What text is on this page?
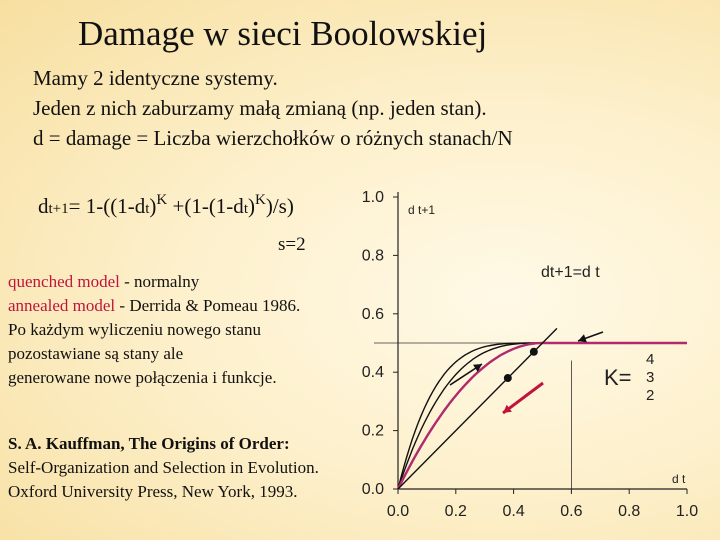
Damage w sieci Boolowskiej
Mamy 2 identyczne systemy.
Jeden z nich zaburzamy małą zmianą (np. jeden stan).
d = damage = Liczba wierzchołków o różnych stanach/N
$dt+1= 1-((1-dt)^K +(1-(1-dt)^K)/s)$
s=2
quenched model - normalny
annealed model - Derrida & Pomeau 1986.
Po każdym wyliczeniu nowego stanu
pozostawiane są stany ale
generowane nowe połączenia i funkcje.
S. A. Kauffman, The Origins of Order:
Self-Organization and Selection in Evolution.
Oxford University Press, New York, 1993.	0.0
0.2
0.4
0.6
0.8
1.0
0.0 0.2 0.4 0.6 0.8 1.0
d t+1
d t
dt+1=d t
K=
4
3
2
